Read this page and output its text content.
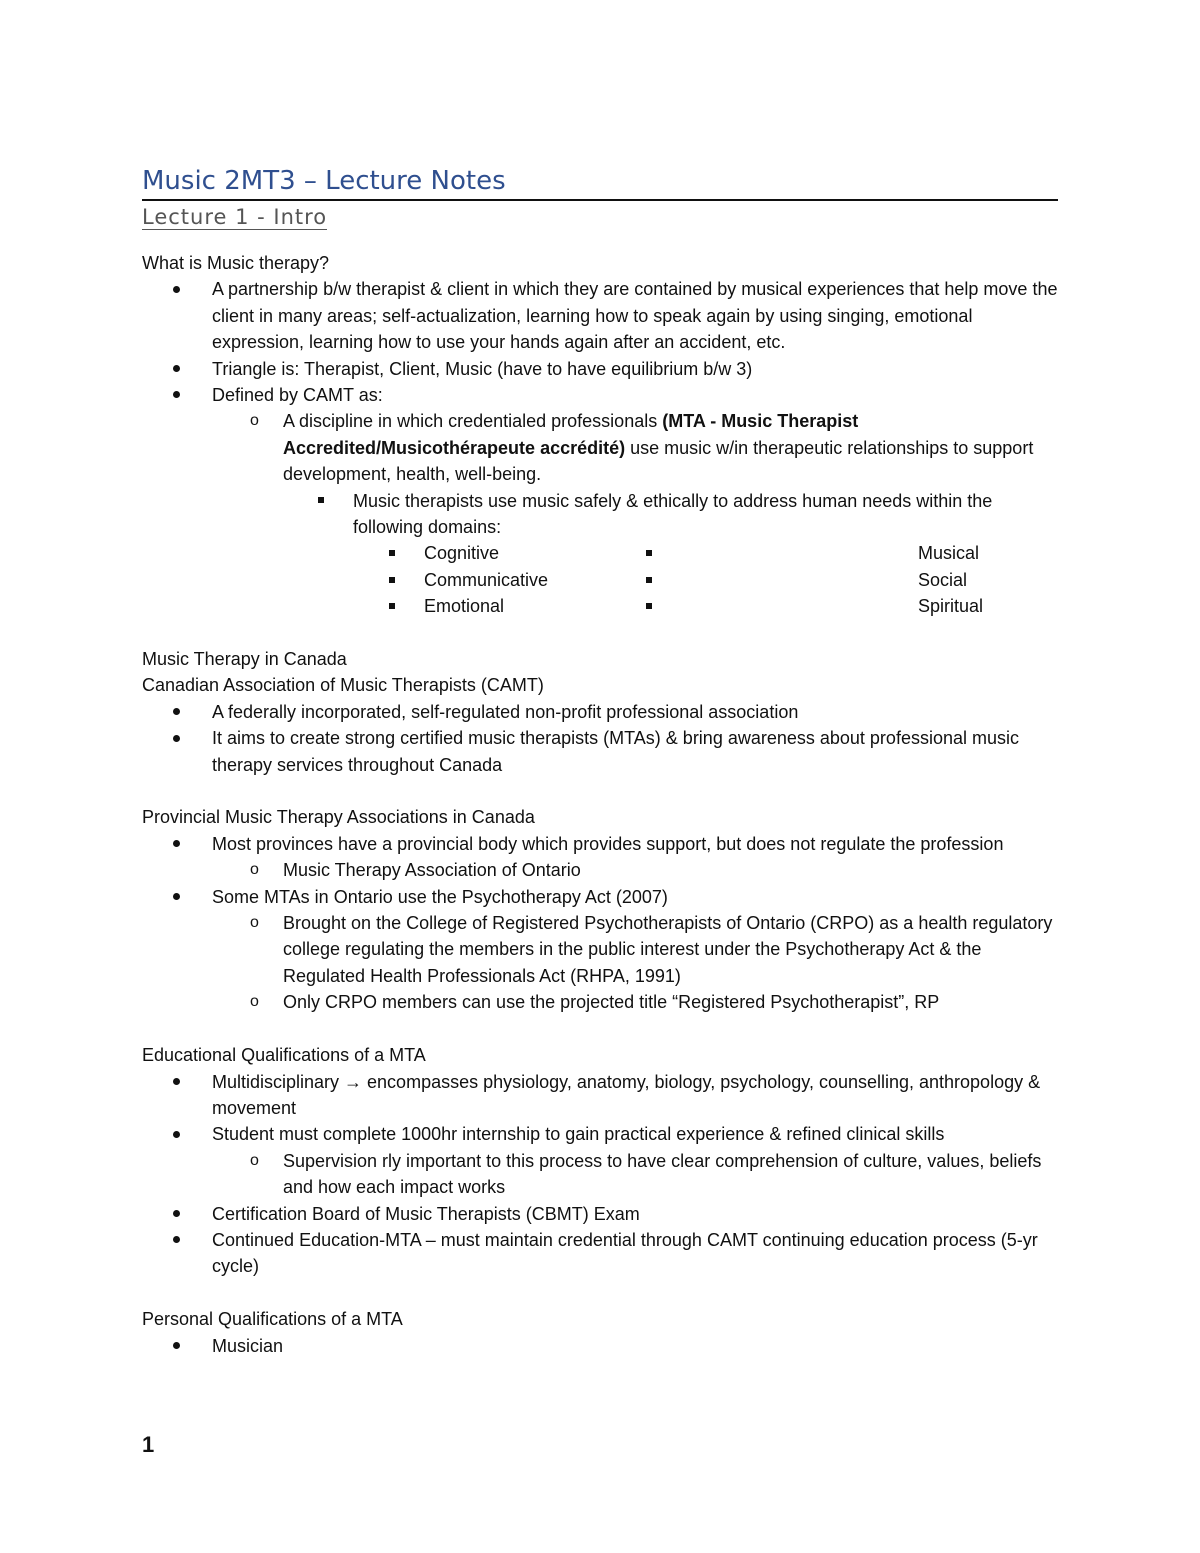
Music 2MT3 – Lecture Notes
Lecture 1 - Intro

What is Music therapy?

A partnership b/w therapist & client in which they are contained by musical experiences that help move the client in many areas; self-actualization, learning how to speak again by using singing, emotional expression, learning how to use your hands again after an accident, etc.
Triangle is: Therapist, Client, Music (have to have equilibrium b/w 3)
Defined by CAMT as:
o A discipline in which credentialed professionals (MTA - Music Therapist Accredited/Musicothérapeute accrédité) use music w/in therapeutic relationships to support development, health, well-being.
Music therapists use music safely & ethically to address human needs within the following domains:
Cognitive	Musical
Communicative	Social
Emotional	Spiritual

Music Therapy in Canada

Canadian Association of Music Therapists (CAMT)

A federally incorporated, self-regulated non-profit professional association
It aims to create strong certified music therapists (MTAs) & bring awareness about professional music therapy services throughout Canada

Provincial Music Therapy Associations in Canada

Most provinces have a provincial body which provides support, but does not regulate the profession
o Music Therapy Association of Ontario
Some MTAs in Ontario use the Psychotherapy Act (2007)
o Brought on the College of Registered Psychotherapists of Ontario (CRPO) as a health regulatory college regulating the members in the public interest under the Psychotherapy Act & the Regulated Health Professionals Act (RHPA, 1991)
o Only CRPO members can use the projected title “Registered Psychotherapist”, RP

Educational Qualifications of a MTA

Multidisciplinary → encompasses physiology, anatomy, biology, psychology, counselling, anthropology & movement
Student must complete 1000hr internship to gain practical experience & refined clinical skills
o Supervision rly important to this process to have clear comprehension of culture, values, beliefs and how each impact works
Certification Board of Music Therapists (CBMT) Exam
Continued Education-MTA – must maintain credential through CAMT continuing education process (5-yr cycle)

Personal Qualifications of a MTA

Musician
1
